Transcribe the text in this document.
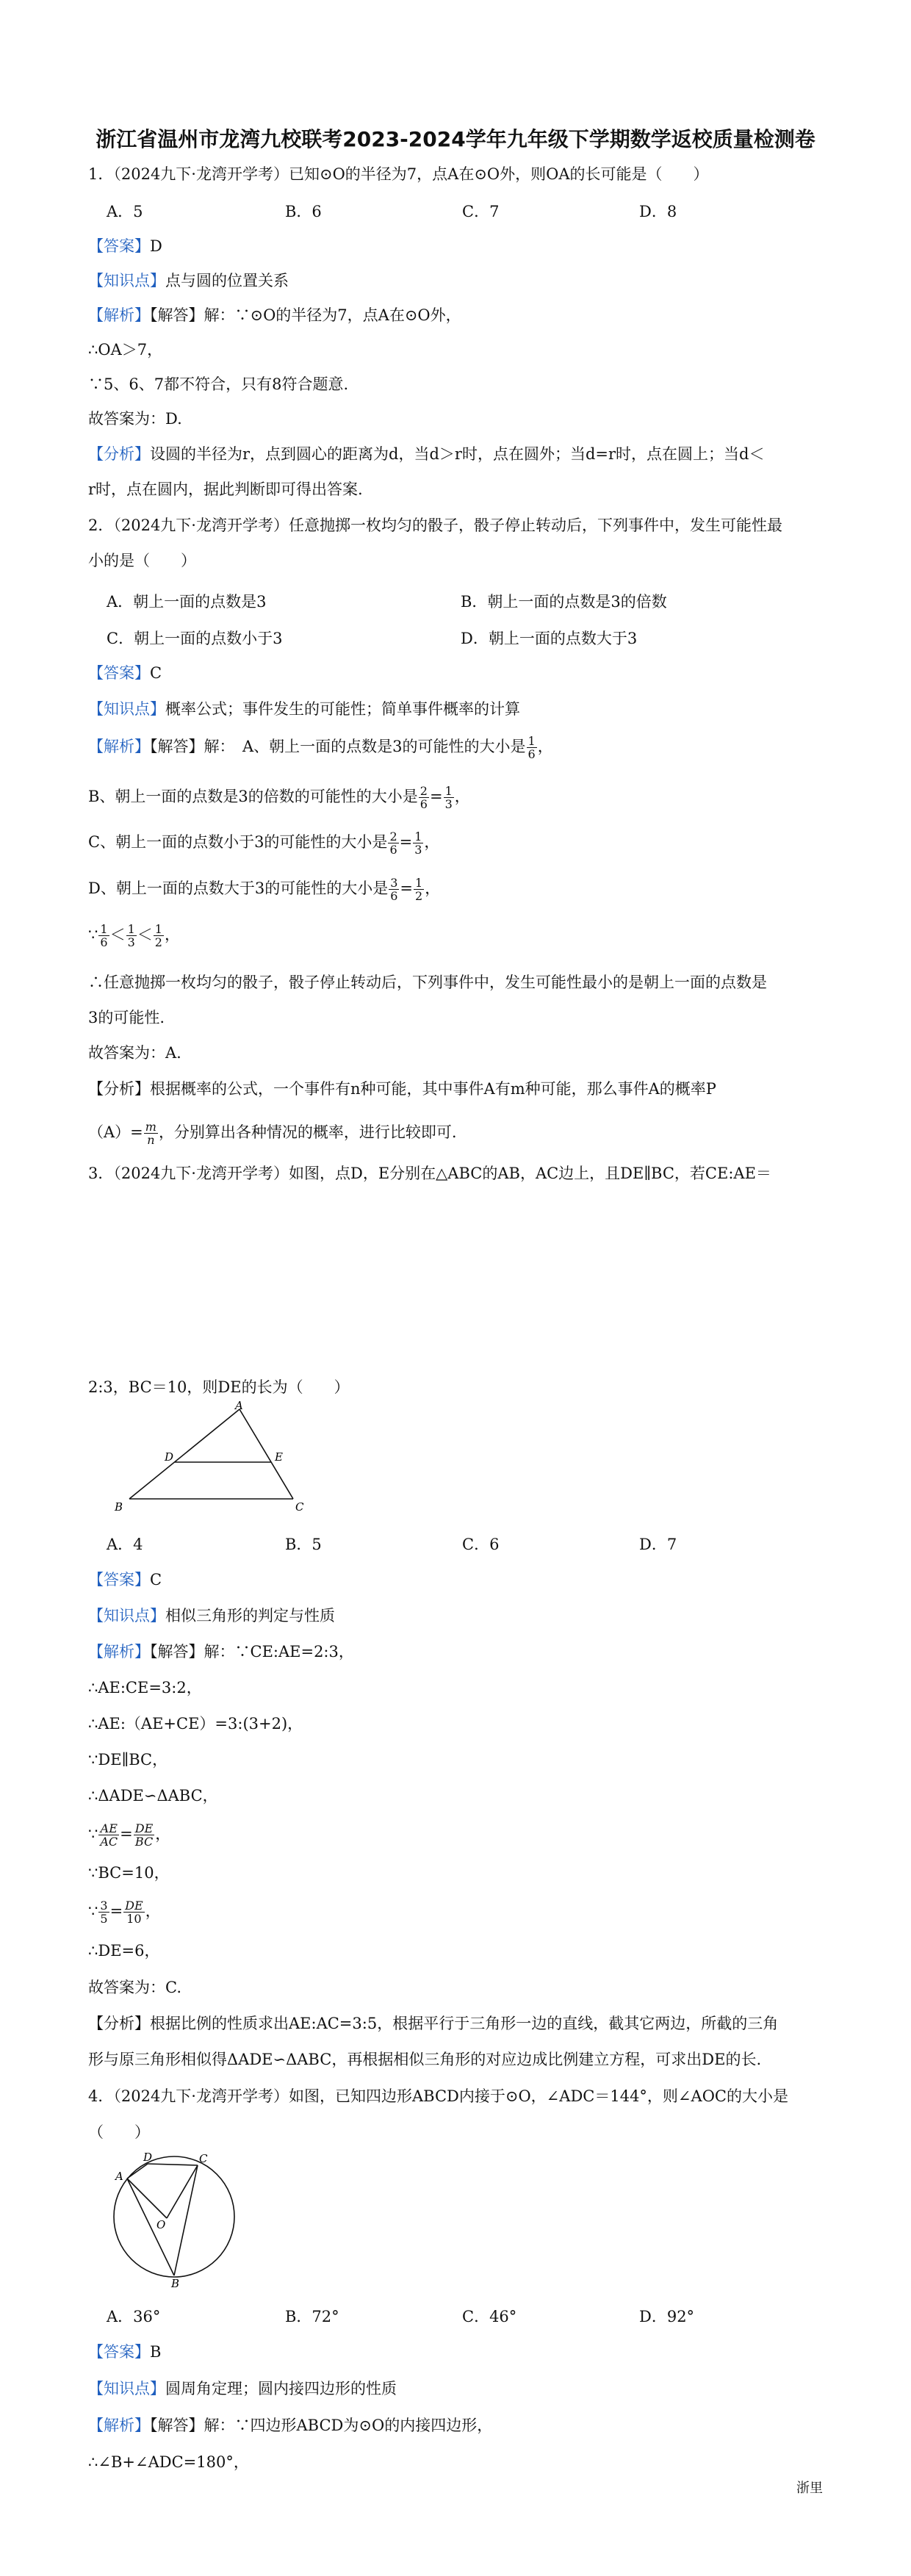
浙江省温州市龙湾九校联考2023-2024学年九年级下学期数学返校质量检测卷
1．（2024九下·龙湾开学考）已知⊙O的半径为7，点A在⊙O外，则OA的长可能是（　　）
A．5	B．6	C．7	D．8
【答案】D
【知识点】点与圆的位置关系
【解析】【解答】解：∵⊙O的半径为7，点A在⊙O外，
∴OA＞7，
∵5、6、7都不符合，只有8符合题意.
故答案为：D.
【分析】设圆的半径为r，点到圆心的距离为d，当d＞r时，点在圆外；当d=r时，点在圆上；当d＜
r时，点在圆内，据此判断即可得出答案.
2．（2024九下·龙湾开学考）任意抛掷一枚均匀的骰子，骰子停止转动后，下列事件中，发生可能性最
小的是（　　）
A．朝上一面的点数是3	B．朝上一面的点数是3的倍数
C．朝上一面的点数小于3	D．朝上一面的点数大于3
【答案】C
【知识点】概率公式；事件发生的可能性；简单事件概率的计算
【解析】【解答】解：　A、朝上一面的点数是3的可能性的大小是 $\frac{1}{6}$ ，
B、朝上一面的点数是3的倍数的可能性的大小是 $\frac{2}{6} = \frac{1}{3}$ ，
C、朝上一面的点数小于3的可能性的大小是 $\frac{2}{6} = \frac{1}{3}$ ，
D、朝上一面的点数大于3的可能性的大小是 $\frac{3}{6} = \frac{1}{2}$ ，
∵ $\frac{1}{6} < \frac{1}{3} < \frac{1}{2}$ ，
∴任意抛掷一枚均匀的骰子，骰子停止转动后，下列事件中，发生可能性最小的是朝上一面的点数是
3的可能性.
故答案为：A.
【分析】根据概率的公式，一个事件有n种可能，其中事件A有m种可能，那么事件A的概率P
$(A)= \frac{m}{n}$ ，分别算出各种情况的概率，进行比较即可.
3．（2024九下·龙湾开学考）如图，点D，E分别在△ABC的AB，AC边上，且DE∥BC，若CE:AE＝
2:3，BC＝10，则DE的长为（　　）
A
D	E
B	C
A．4	B．5	C．6	D．7
【答案】C
【知识点】相似三角形的判定与性质
【解析】【解答】解：∵CE:AE=2:3，
∴AE:CE=3:2，
∴AE:（AE+CE）=3:(3+2)，
∵DE∥BC，
∴ΔADE∽ΔABC，
∵ $\frac{AE}{AC} = \frac{DE}{BC}$ ，
∵BC=10，
∵ $\frac{3}{5} = \frac{DE}{10}$ ，
∴DE=6，
故答案为：C.
【分析】根据比例的性质求出AE:AC=3:5，根据平行于三角形一边的直线，截其它两边，所截的三角
形与原三角形相似得ΔADE∽ΔABC，再根据相似三角形的对应边成比例建立方程，可求出DE的长.
4．（2024九下·龙湾开学考）如图，已知四边形ABCD内接于⊙O，∠ADC＝144°，则∠AOC的大小是
（　　）
A
D	C
O
B
A．36°	B．72°	C．46°	D．92°
【答案】B
【知识点】圆周角定理；圆内接四边形的性质
【解析】【解答】解：∵四边形ABCD为⊙O的内接四边形，
∴∠B+∠ADC=180°，
浙里
